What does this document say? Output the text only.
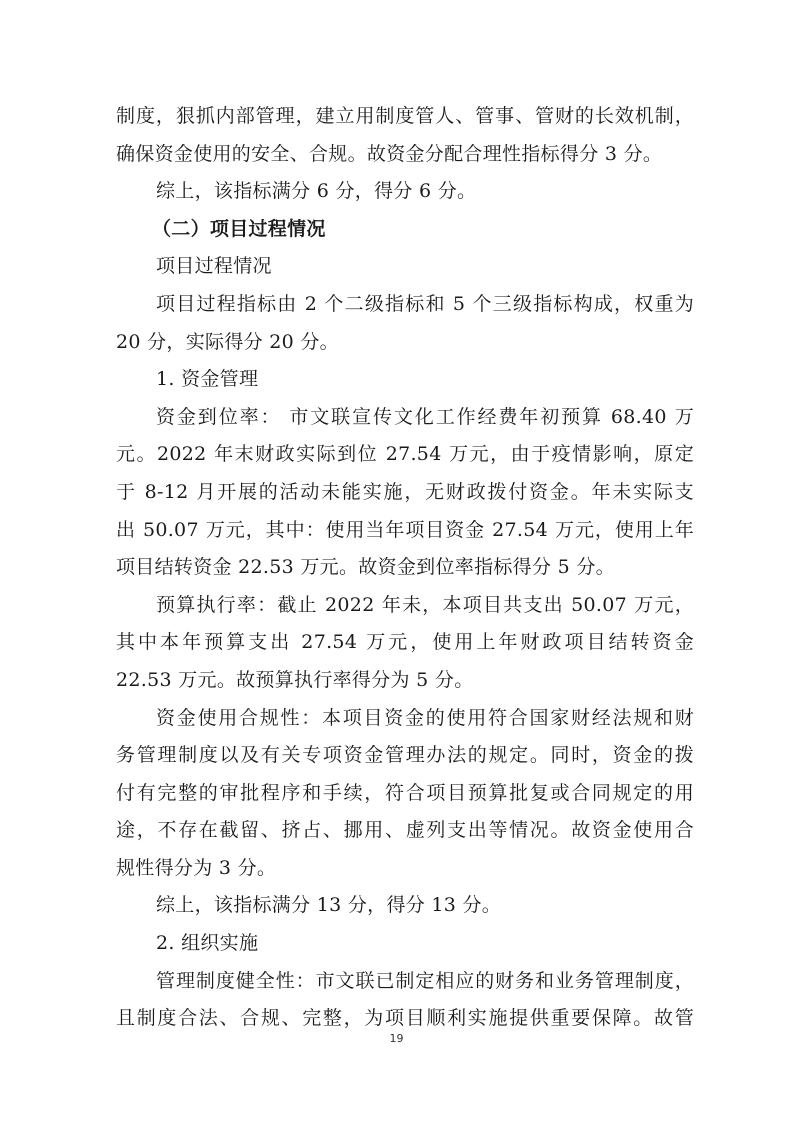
制度，狠抓内部管理，建立用制度管人、管事、管财的长效机制，
确保资金使用的安全、合规。故资金分配合理性指标得分 3 分。
综上，该指标满分 6 分，得分 6 分。
（二）项目过程情况
项目过程情况
项目过程指标由 2 个二级指标和 5 个三级指标构成，权重为
20 分，实际得分 20 分。
1. 资金管理
资金到位率： 市文联宣传文化工作经费年初预算 68.40 万
元。2022 年末财政实际到位 27.54 万元，由于疫情影响，原定
于 8-12 月开展的活动未能实施，无财政拨付资金。年未实际支
出 50.07 万元，其中：使用当年项目资金 27.54 万元，使用上年
项目结转资金 22.53 万元。故资金到位率指标得分 5 分。
预算执行率：截止 2022 年未，本项目共支出 50.07 万元，
其中本年预算支出 27.54 万元，使用上年财政项目结转资金
22.53 万元。故预算执行率得分为 5 分。
资金使用合规性：本项目资金的使用符合国家财经法规和财
务管理制度以及有关专项资金管理办法的规定。同时，资金的拨
付有完整的审批程序和手续，符合项目预算批复或合同规定的用
途，不存在截留、挤占、挪用、虚列支出等情况。故资金使用合
规性得分为 3 分。
综上，该指标满分 13 分，得分 13 分。
2. 组织实施
管理制度健全性：市文联已制定相应的财务和业务管理制度，
且制度合法、合规、完整，为项目顺利实施提供重要保障。故管
19
